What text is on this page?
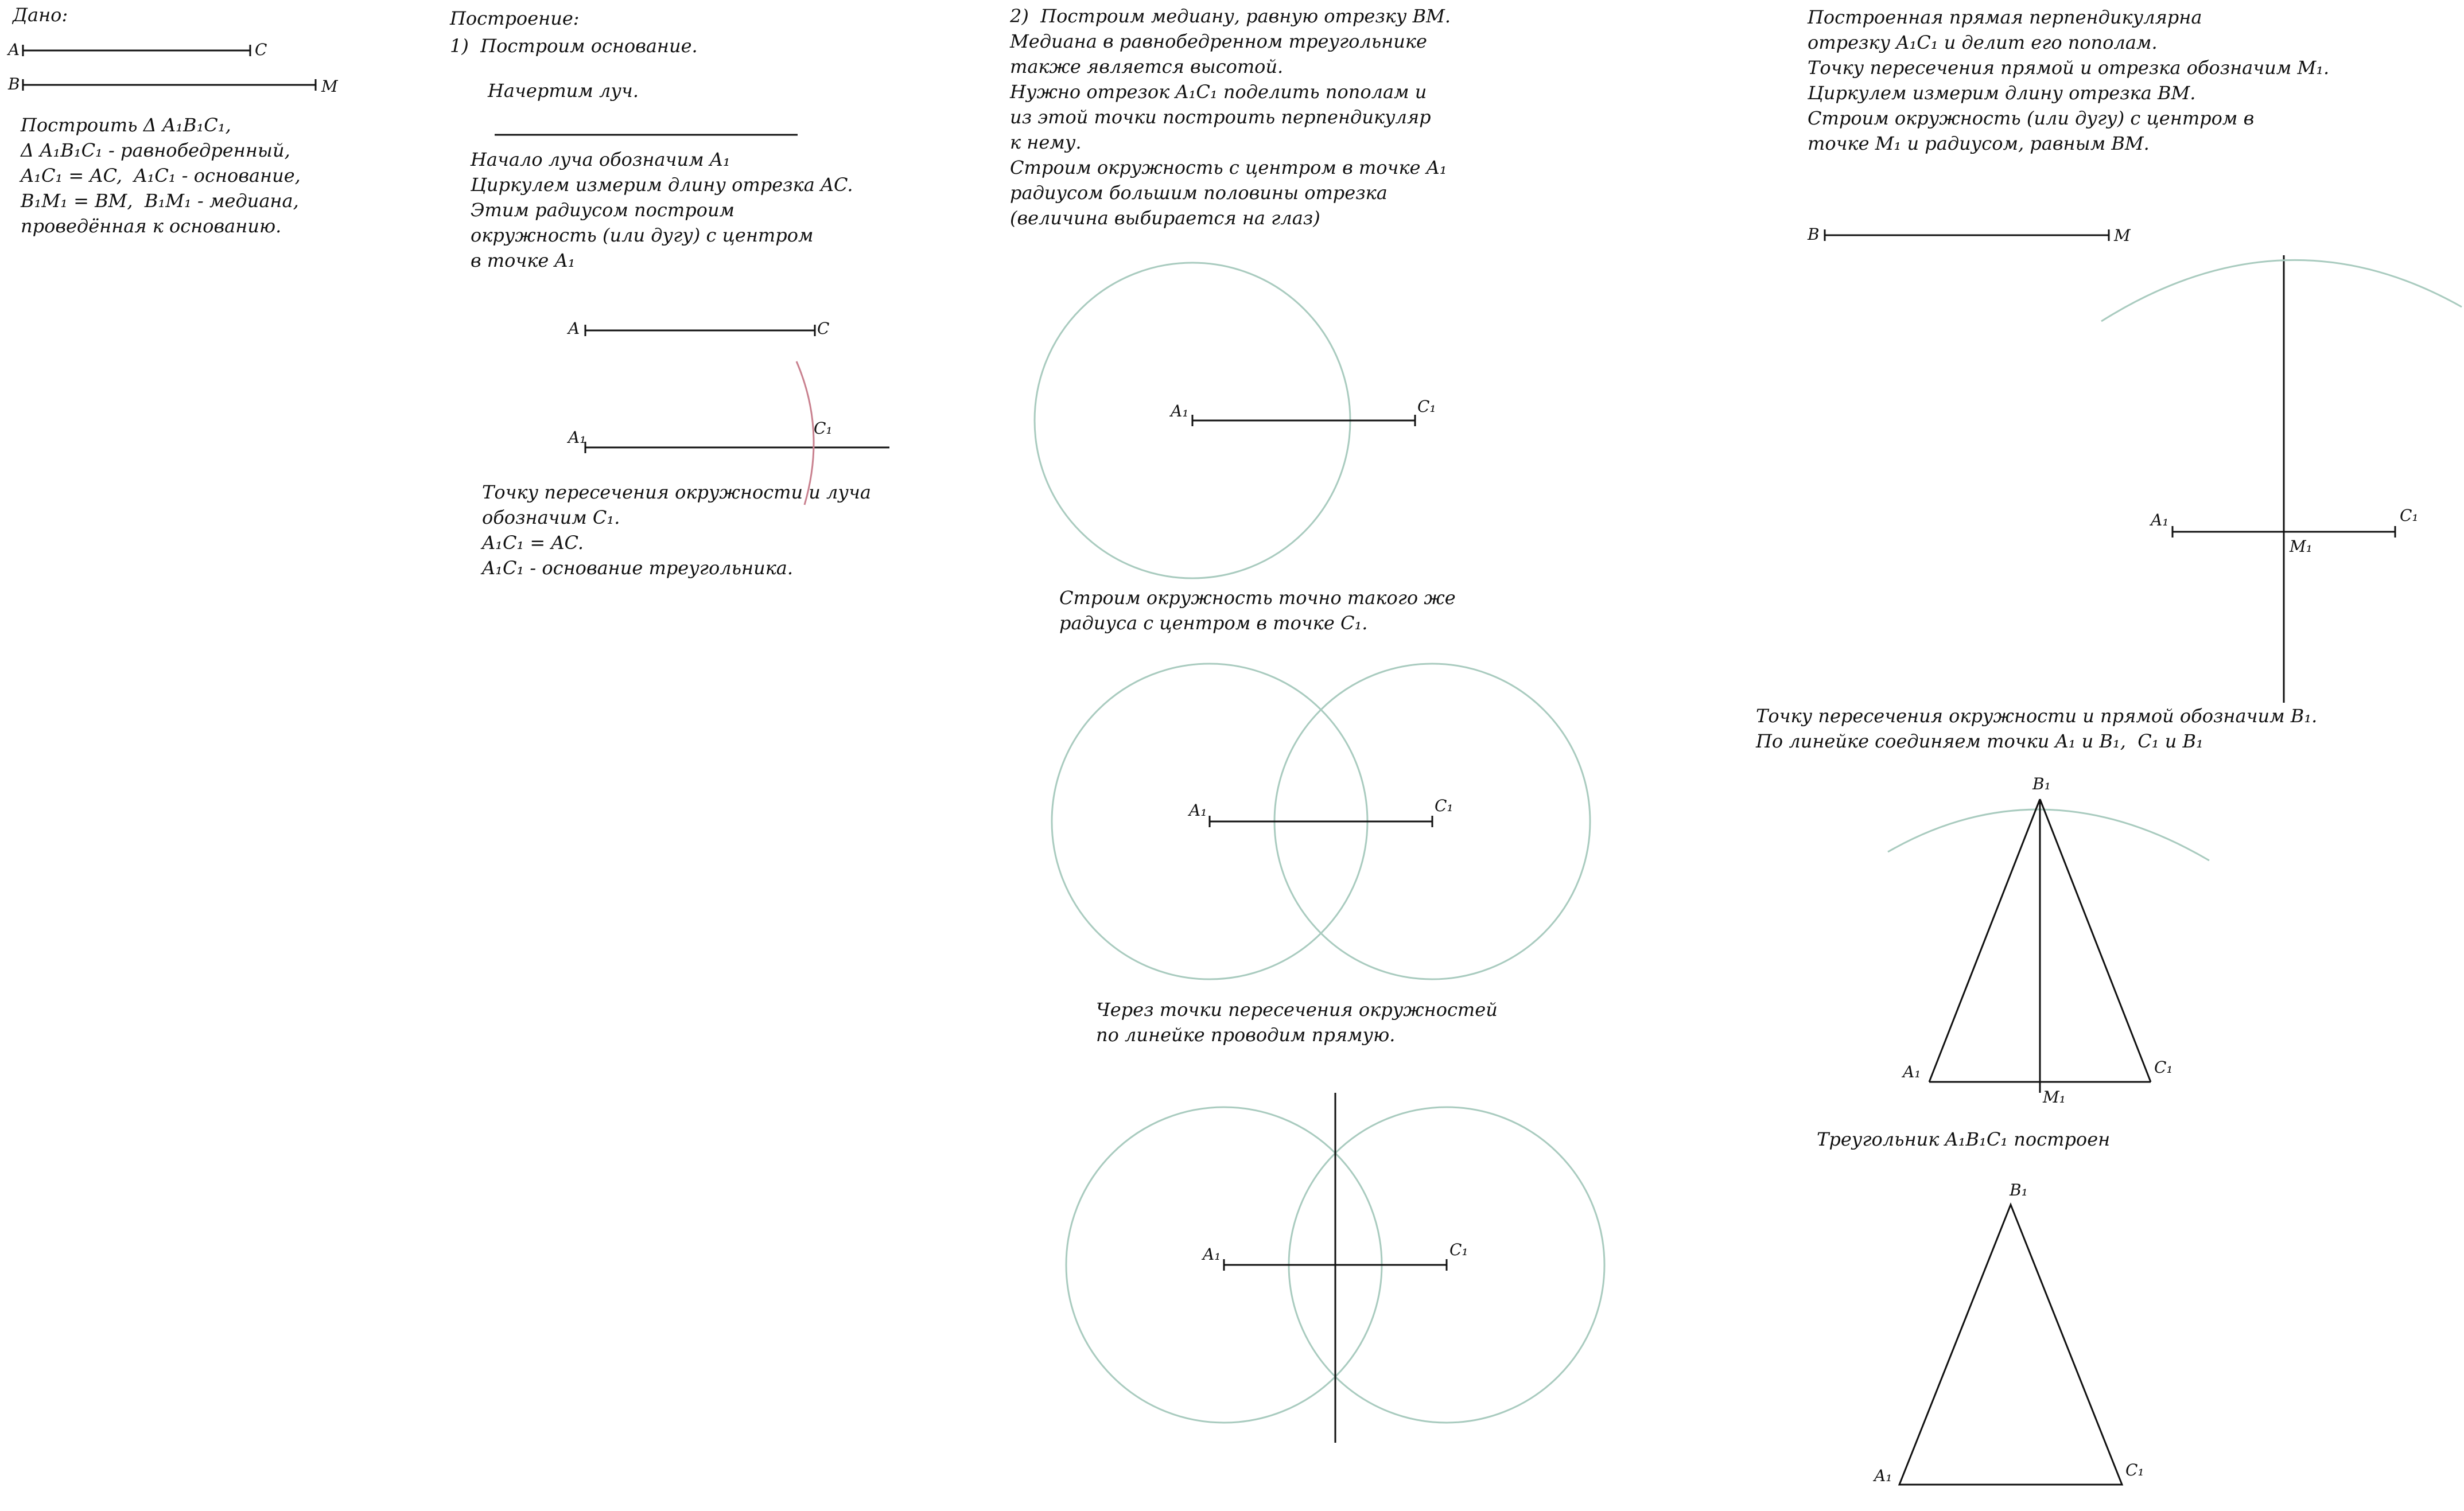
Дано:
A	C
B	M
Построить Δ A₁B₁C₁,
Δ A₁B₁C₁ - равнобедренный,
A₁C₁ = AC,  A₁C₁ - основание,
B₁M₁ = BM,  B₁M₁ - медиана,
проведённая к основанию.
Построение:
1)  Построим основание.
Начертим луч.
Начало луча обозначим A₁
Циркулем измерим длину отрезка AC.
Этим радиусом построим
окружность (или дугу) с центром
в точке A₁
A	C
A₁	C₁
Точку пересечения окружности и луча
обозначим C₁.
A₁C₁ = AC.
A₁C₁ - основание треугольника.
2)  Построим медиану, равную отрезку BM.
Медиана в равнобедренном треугольнике
также является высотой.
Нужно отрезок A₁C₁ поделить пополам и
из этой точки построить перпендикуляр
к нему.
Строим окружность с центром в точке A₁
радиусом большим половины отрезка
(величина выбирается на глаз)
A₁	C₁
Строим окружность точно такого же
радиуса с центром в точке C₁.
A₁	C₁
Через точки пересечения окружностей
по линейке проводим прямую.
A₁	C₁
Построенная прямая перпендикулярна
отрезку A₁C₁ и делит его пополам.
Точку пересечения прямой и отрезка обозначим M₁.
Циркулем измерим длину отрезка BM.
Строим окружность (или дугу) с центром в
точке M₁ и радиусом, равным BM.
B	M
A₁	C₁
M₁
Точку пересечения окружности и прямой обозначим B₁.
По линейке соединяем точки A₁ и B₁,  C₁ и B₁
B₁
A₁	C₁
M₁
Треугольник A₁B₁C₁ построен
B₁
A₁	C₁
